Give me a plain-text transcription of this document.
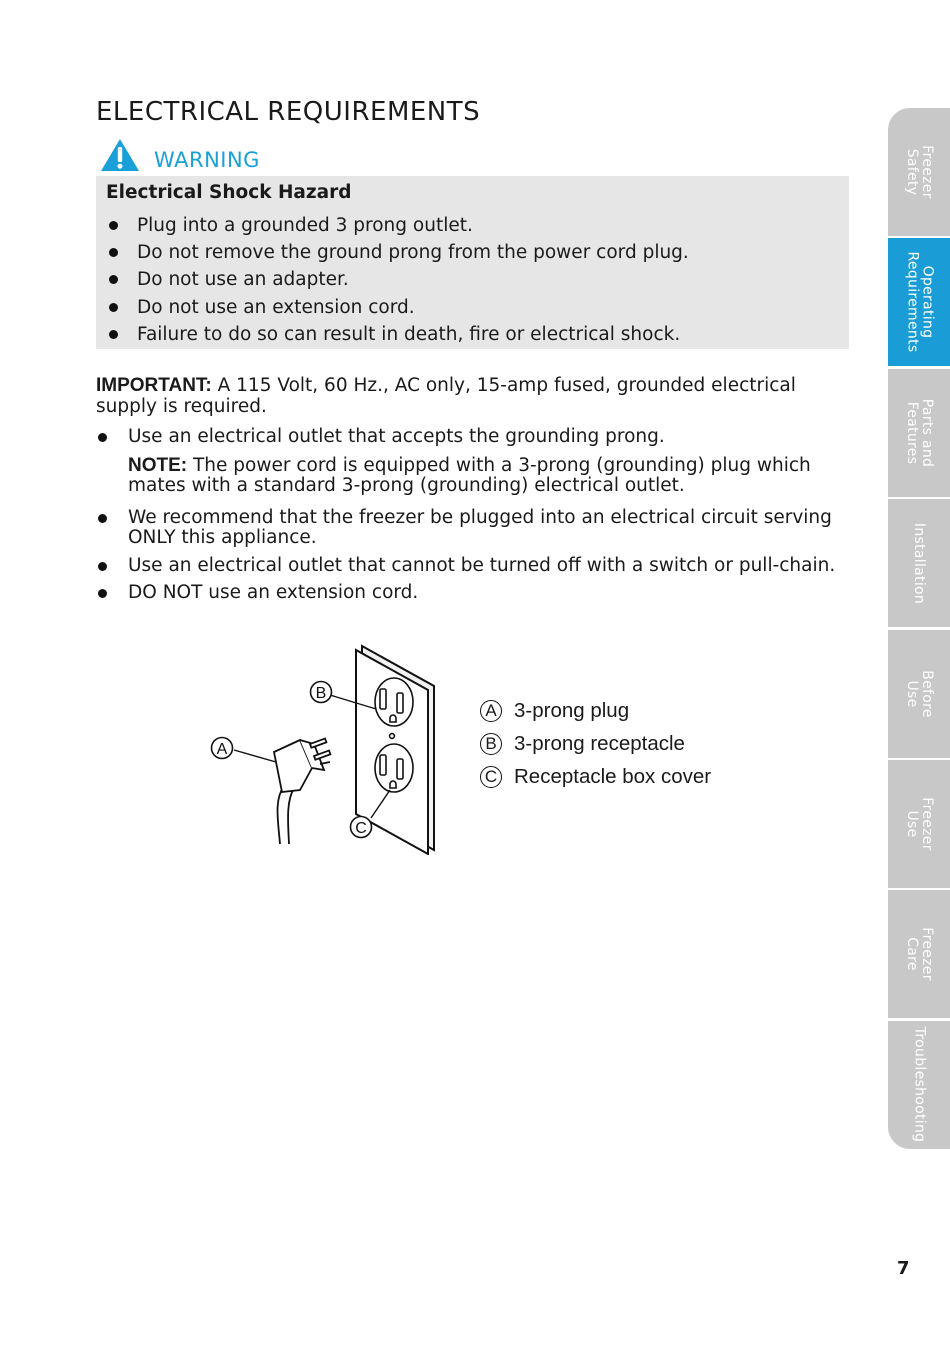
ELECTRICAL REQUIREMENTS
WARNING
Electrical Shock Hazard
Plug into a grounded 3 prong outlet.
Do not remove the ground prong from the power cord plug.
Do not use an adapter.
Do not use an extension cord.
Failure to do so can result in death, fire or electrical shock.

IMPORTANT: A 115 Volt, 60 Hz., AC only, 15-amp fused, grounded electrical supply is required.

Use an electrical outlet that accepts the grounding prong.
NOTE: The power cord is equipped with a 3-prong (grounding) plug which mates with a standard 3-prong (grounding) electrical outlet.
We recommend that the freezer be plugged into an electrical circuit serving ONLY this appliance.
Use an electrical outlet that cannot be turned off with a switch or pull-chain.
DO NOT use an extension cord.
B
A
C
A 3-prong plug
B 3-prong receptacle
C Receptacle box cover
Freezer
Safety
Operating
Requirements
Parts and
Features
Installation
Before
Use
Freezer
Use
Freezer
Care
Troubleshooting
7
